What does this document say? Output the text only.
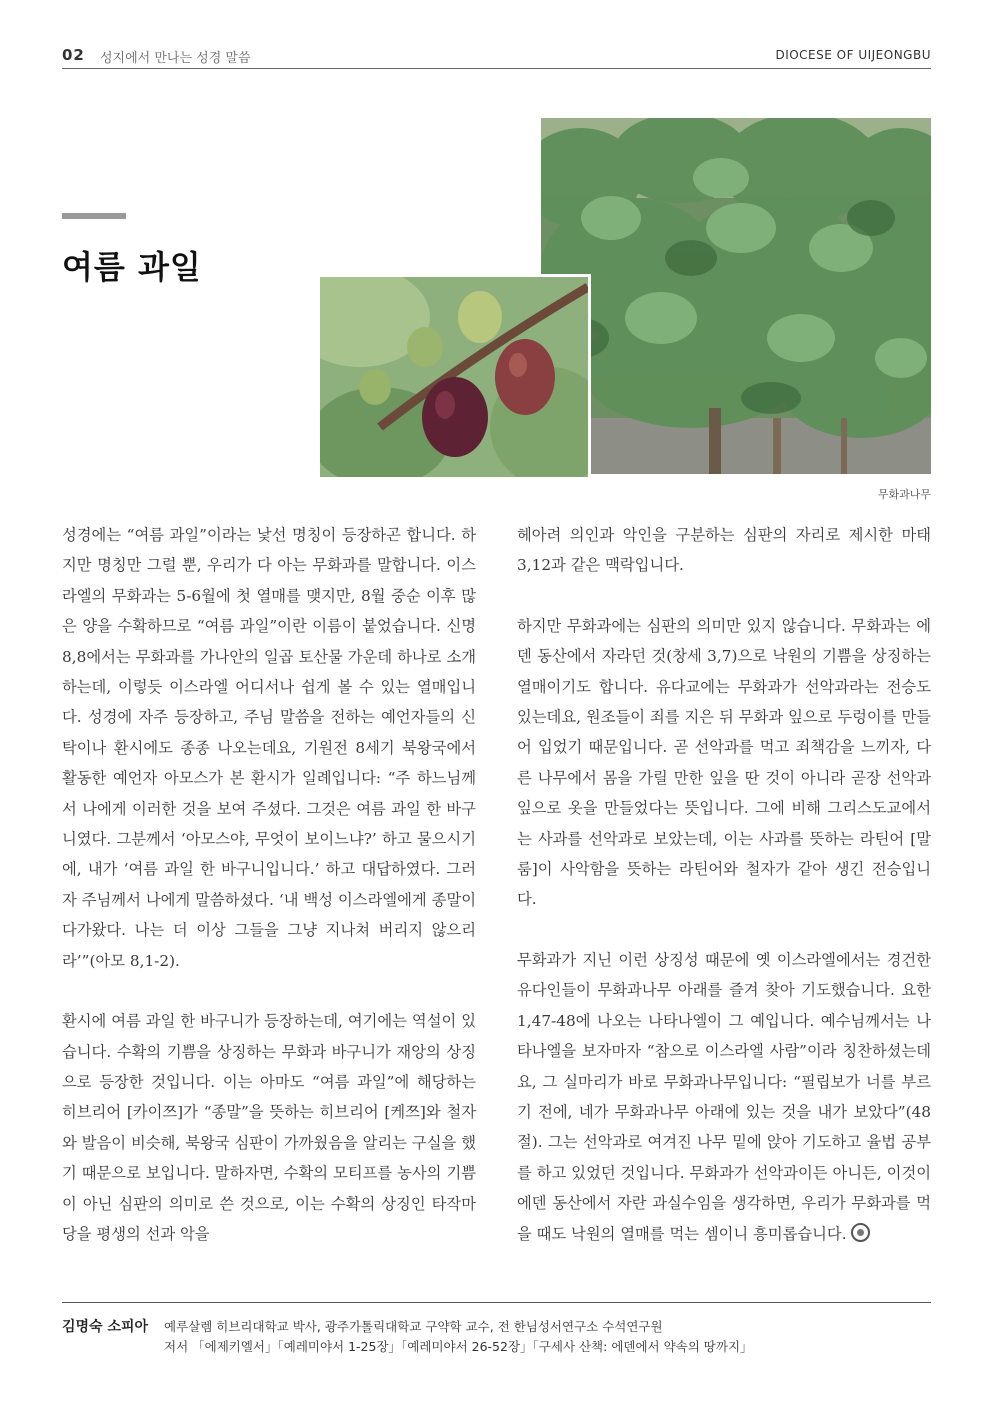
02 성지에서 만나는 성경 말씀	DIOCESE OF UIJEONGBU
여름 과일
무화과나무

성경에는 “여름 과일”이라는 낯선 명칭이 등장하곤 합니다. 하지만 명칭만 그럴 뿐, 우리가 다 아는 무화과를 말합니다. 이스라엘의 무화과는 5-6월에 첫 열매를 맺지만, 8월 중순 이후 많은 양을 수확하므로 “여름 과일”이란 이름이 붙었습니다. 신명 8,8에서는 무화과를 가나안의 일곱 토산물 가운데 하나로 소개하는데, 이렇듯 이스라엘 어디서나 쉽게 볼 수 있는 열매입니다. 성경에 자주 등장하고, 주님 말씀을 전하는 예언자들의 신탁이나 환시에도 종종 나오는데요, 기원전 8세기 북왕국에서 활동한 예언자 아모스가 본 환시가 일례입니다: “주 하느님께서 나에게 이러한 것을 보여 주셨다. 그것은 여름 과일 한 바구니였다. 그분께서 ‘아모스야, 무엇이 보이느냐?’ 하고 물으시기에, 내가 ‘여름 과일 한 바구니입니다.’ 하고 대답하였다. 그러자 주님께서 나에게 말씀하셨다. ‘내 백성 이스라엘에게 종말이 다가왔다. 나는 더 이상 그들을 그냥 지나쳐 버리지 않으리라’”(아모 8,1-2).

환시에 여름 과일 한 바구니가 등장하는데, 여기에는 역설이 있습니다. 수확의 기쁨을 상징하는 무화과 바구니가 재앙의 상징으로 등장한 것입니다. 이는 아마도 “여름 과일”에 해당하는 히브리어 [카이쯔]가 “종말”을 뜻하는 히브리어 [케쯔]와 철자와 발음이 비슷해, 북왕국 심판이 가까웠음을 알리는 구실을 했기 때문으로 보입니다. 말하자면, 수확의 모티프를 농사의 기쁨이 아닌 심판의 의미로 쓴 것으로, 이는 수확의 상징인 타작마당을 평생의 선과 악을

헤아려 의인과 악인을 구분하는 심판의 자리로 제시한 마태 3,12과 같은 맥락입니다.

하지만 무화과에는 심판의 의미만 있지 않습니다. 무화과는 에덴 동산에서 자라던 것(창세 3,7)으로 낙원의 기쁨을 상징하는 열매이기도 합니다. 유다교에는 무화과가 선악과라는 전승도 있는데요, 원조들이 죄를 지은 뒤 무화과 잎으로 두렁이를 만들어 입었기 때문입니다. 곧 선악과를 먹고 죄책감을 느끼자, 다른 나무에서 몸을 가릴 만한 잎을 딴 것이 아니라 곧장 선악과 잎으로 옷을 만들었다는 뜻입니다. 그에 비해 그리스도교에서는 사과를 선악과로 보았는데, 이는 사과를 뜻하는 라틴어 [말룸]이 사악함을 뜻하는 라틴어와 철자가 같아 생긴 전승입니다.

무화과가 지닌 이런 상징성 때문에 옛 이스라엘에서는 경건한 유다인들이 무화과나무 아래를 즐겨 찾아 기도했습니다. 요한 1,47-48에 나오는 나타나엘이 그 예입니다. 예수님께서는 나타나엘을 보자마자 “참으로 이스라엘 사람”이라 칭찬하셨는데요, 그 실마리가 바로 무화과나무입니다: “필립보가 너를 부르기 전에, 네가 무화과나무 아래에 있는 것을 내가 보았다”(48절). 그는 선악과로 여겨진 나무 밑에 앉아 기도하고 율법 공부를 하고 있었던 것입니다. 무화과가 선악과이든 아니든, 이것이 에덴 동산에서 자란 과실수임을 생각하면, 우리가 무화과를 먹을 때도 낙원의 열매를 먹는 셈이니 흥미롭습니다.

김명숙 소피아 예루살렘 히브리대학교 박사, 광주가톨릭대학교 구약학 교수, 전 한님성서연구소 수석연구원
저서 「에제키엘서」「예레미야서 1-25장」「예레미야서 26-52장」「구세사 산책: 에덴에서 약속의 땅까지」
